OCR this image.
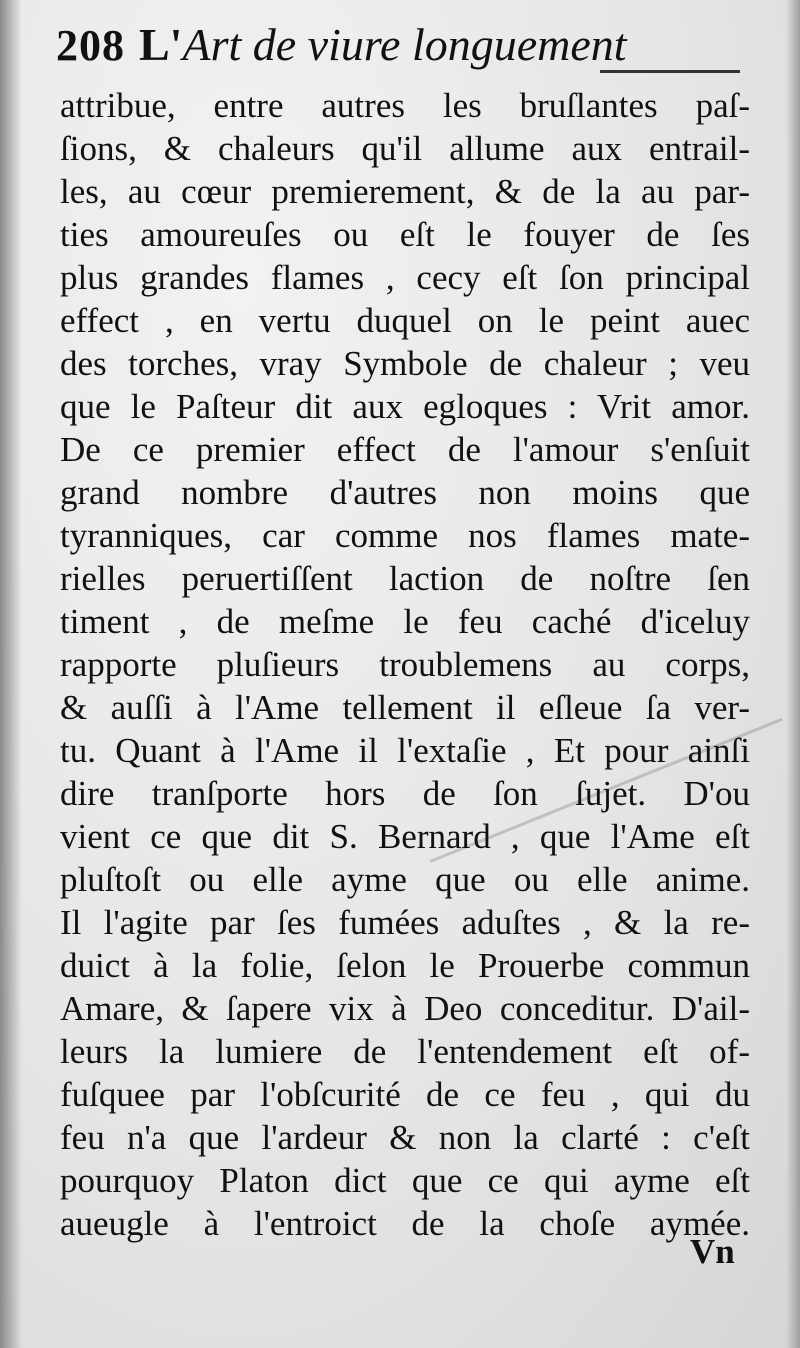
208 L'Art de viure longuement
attribue, entre autres les bruſlantes paſ-
ſions, & chaleurs qu'il allume aux entrail-
les, au cœur premierement, & de la au par-
ties amoureuſes ou eſt le fouyer de ſes
plus grandes flames , cecy eſt ſon principal
effect , en vertu duquel on le peint auec
des torches, vray Symbole de chaleur ; veu
que le Paſteur dit aux egloques : Vrit amor.
De ce premier effect de l'amour s'enſuit
grand nombre d'autres non moins que
tyranniques, car comme nos flames mate-
rielles peruertiſſent laction de noſtre ſen
timent , de meſme le feu caché d'iceluy
rapporte pluſieurs troublemens au corps,
& auſſi à l'Ame tellement il eſleue ſa ver-
tu. Quant à l'Ame il l'extaſie , Et pour ainſi
dire tranſporte hors de ſon ſujet. D'ou
vient ce que dit S. Bernard , que l'Ame eſt
pluſtoſt ou elle ayme que ou elle anime.
Il l'agite par ſes fumées aduſtes , & la re-
duict à la folie, ſelon le Prouerbe commun
Amare, & ſapere vix à Deo conceditur. D'ail-
leurs la lumiere de l'entendement eſt of-
fuſquee par l'obſcurité de ce feu , qui du
feu n'a que l'ardeur & non la clarté : c'eſt
pourquoy Platon dict que ce qui ayme eſt
aueugle à l'entroict de la choſe aymée.
Vn
